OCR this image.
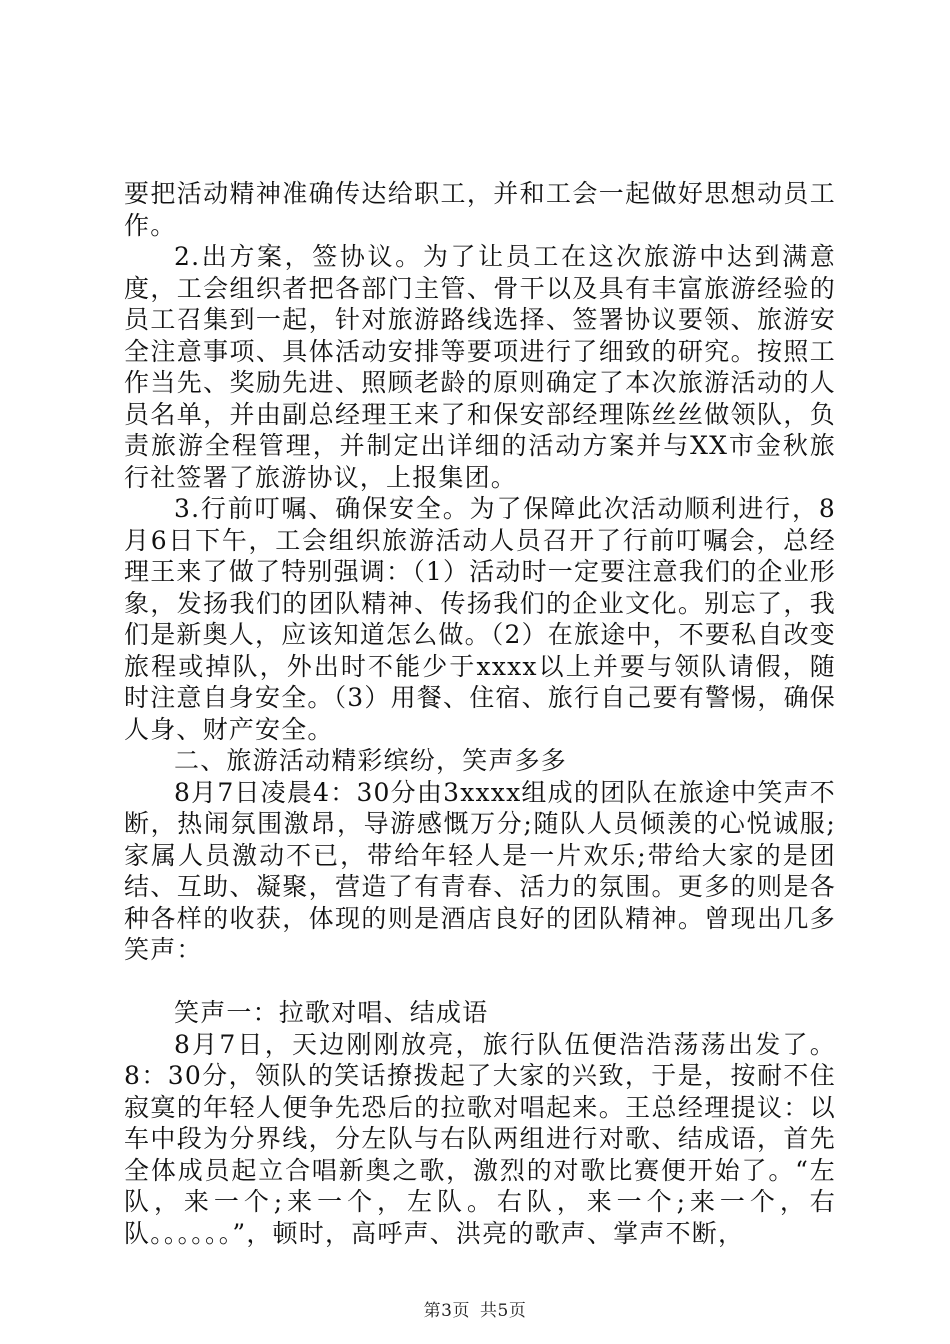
要把活动精神准确传达给职工，并和工会一起做好思想动员工作。

2.出方案，签协议。为了让员工在这次旅游中达到满意度，工会组织者把各部门主管、骨干以及具有丰富旅游经验的员工召集到一起，针对旅游路线选择、签署协议要领、旅游安全注意事项、具体活动安排等要项进行了细致的研究。按照工作当先、奖励先进、照顾老龄的原则确定了本次旅游活动的人员名单，并由副总经理王来了和保安部经理陈丝丝做领队，负责旅游全程管理，并制定出详细的活动方案并与XX市金秋旅行社签署了旅游协议，上报集团。

3.行前叮嘱、确保安全。为了保障此次活动顺利进行，8月6日下午，工会组织旅游活动人员召开了行前叮嘱会，总经理王来了做了特别强调：（1）活动时一定要注意我们的企业形象，发扬我们的团队精神、传扬我们的企业文化。别忘了，我们是新奥人，应该知道怎么做。（2）在旅途中，不要私自改变旅程或掉队，外出时不能少于xxxx以上并要与领队请假，随时注意自身安全。（3）用餐、住宿、旅行自己要有警惕，确保人身、财产安全。

二、旅游活动精彩缤纷，笑声多多

8月7日凌晨4：30分由3xxxx组成的团队在旅途中笑声不断，热闹氛围激昂，导游感慨万分;随队人员倾羡的心悦诚服;家属人员激动不已，带给年轻人是一片欢乐;带给大家的是团结、互助、凝聚，营造了有青春、活力的氛围。更多的则是各种各样的收获，体现的则是酒店良好的团队精神。曾现出几多笑声：

笑声一：拉歌对唱、结成语

8月7日，天边刚刚放亮，旅行队伍便浩浩荡荡出发了。8：30分，领队的笑话撩拨起了大家的兴致，于是，按耐不住寂寞的年轻人便争先恐后的拉歌对唱起来。王总经理提议：以车中段为分界线，分左队与右队两组进行对歌、结成语，首先全体成员起立合唱新奥之歌，激烈的对歌比赛便开始了。“左队，来一个;来一个，左队。右队，来一个;来一个，右队。。。。。。”，顿时，高呼声、洪亮的歌声、掌声不断，

第3页 共5页
